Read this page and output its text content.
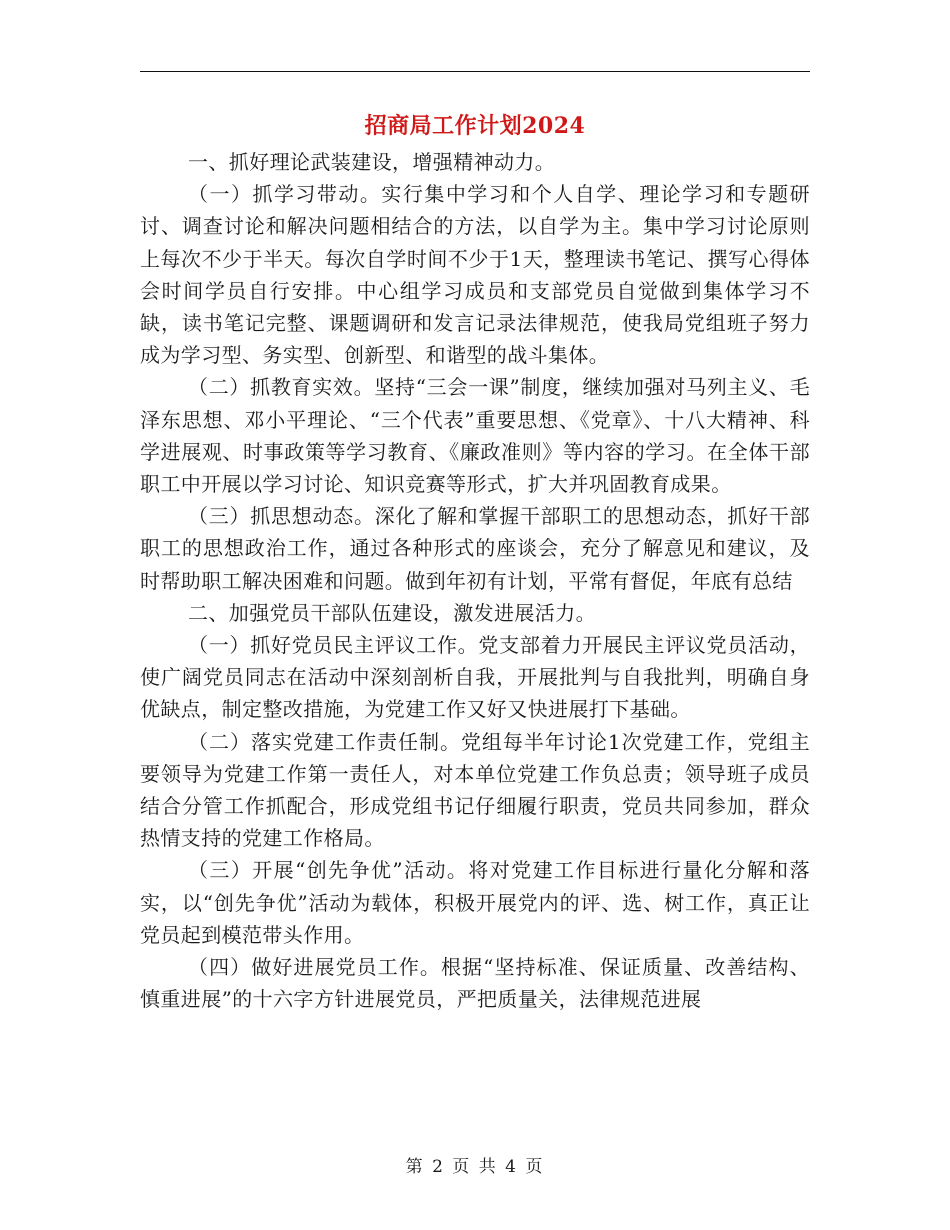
招商局工作计划2024

一、抓好理论武装建设，增强精神动力。

（一）抓学习带动。实行集中学习和个人自学、理论学习和专题研讨、调查讨论和解决问题相结合的方法，以自学为主。集中学习讨论原则上每次不少于半天。每次自学时间不少于1天，整理读书笔记、撰写心得体会时间学员自行安排。中心组学习成员和支部党员自觉做到集体学习不缺，读书笔记完整、课题调研和发言记录法律规范，使我局党组班子努力成为学习型、务实型、创新型、和谐型的战斗集体。

（二）抓教育实效。坚持“三会一课”制度，继续加强对马列主义、毛泽东思想、邓小平理论、“三个代表”重要思想、《党章》、十八大精神、科学进展观、时事政策等学习教育、《廉政准则》等内容的学习。在全体干部职工中开展以学习讨论、知识竞赛等形式，扩大并巩固教育成果。

（三）抓思想动态。深化了解和掌握干部职工的思想动态，抓好干部职工的思想政治工作，通过各种形式的座谈会，充分了解意见和建议，及时帮助职工解决困难和问题。做到年初有计划，平常有督促，年底有总结

二、加强党员干部队伍建设，激发进展活力。

（一）抓好党员民主评议工作。党支部着力开展民主评议党员活动，使广阔党员同志在活动中深刻剖析自我，开展批判与自我批判，明确自身优缺点，制定整改措施，为党建工作又好又快进展打下基础。

（二）落实党建工作责任制。党组每半年讨论1次党建工作，党组主要领导为党建工作第一责任人，对本单位党建工作负总责；领导班子成员结合分管工作抓配合，形成党组书记仔细履行职责，党员共同参加，群众热情支持的党建工作格局。

（三）开展“创先争优”活动。将对党建工作目标进行量化分解和落实，以“创先争优”活动为载体，积极开展党内的评、选、树工作，真正让党员起到模范带头作用。

（四）做好进展党员工作。根据“坚持标准、保证质量、改善结构、慎重进展”的十六字方针进展党员，严把质量关，法律规范进展

第 2 页 共 4 页
